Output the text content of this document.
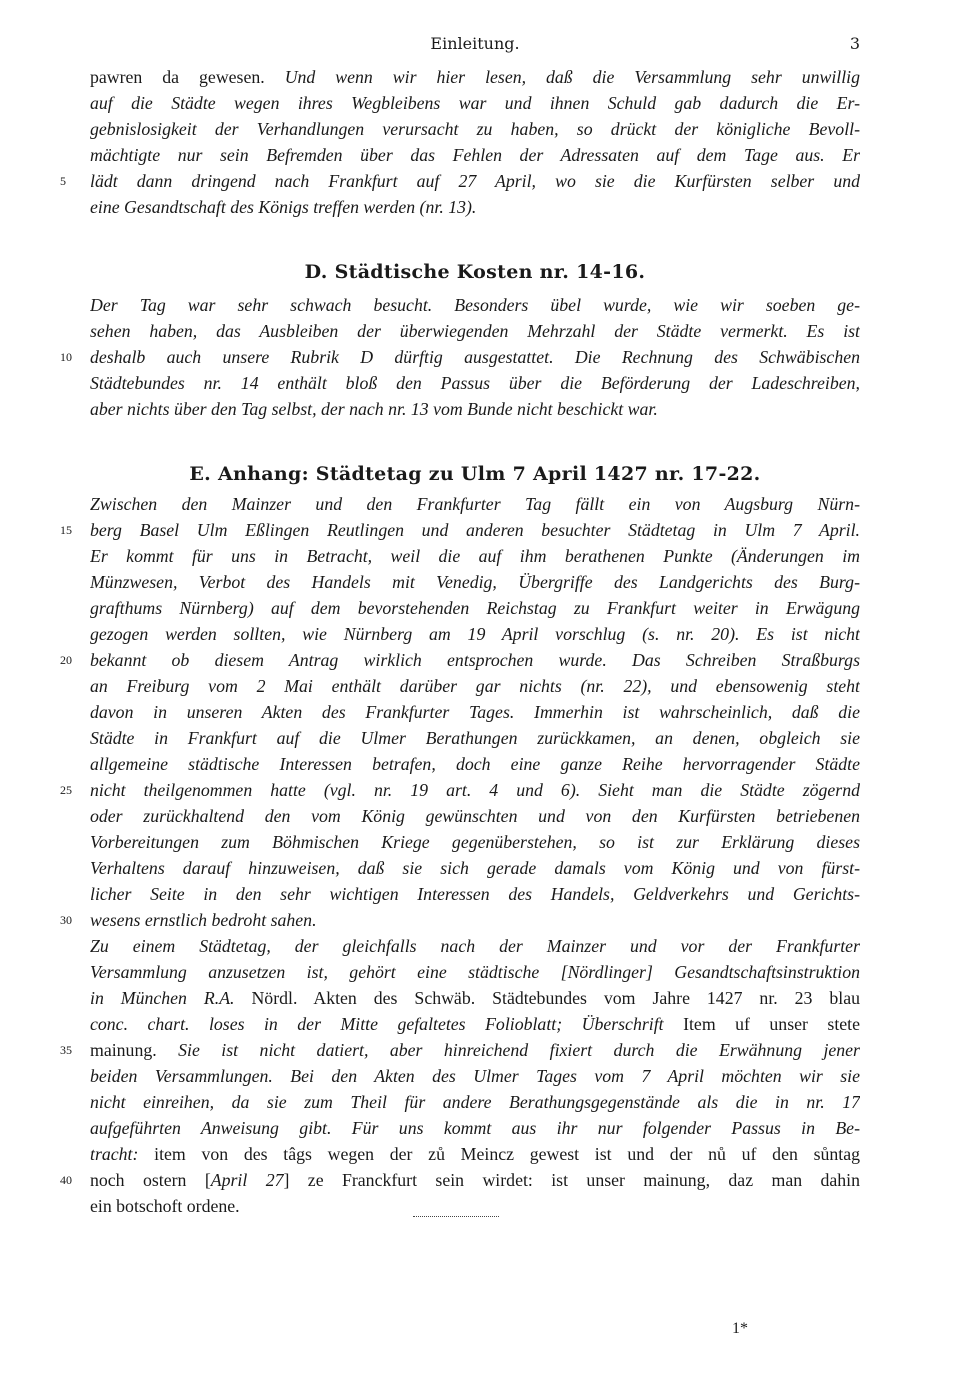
Einleitung.	3
pawren da gewesen. Und wenn wir hier lesen, daß die Versammlung sehr unwillig
auf die Städte wegen ihres Wegbleibens war und ihnen Schuld gab dadurch die Er-
gebnislosigkeit der Verhandlungen verursacht zu haben, so drückt der königliche Bevoll-
mächtigte nur sein Befremden über das Fehlen der Adressaten auf dem Tage aus. Er
lädt dann dringend nach Frankfurt auf 27 April, wo sie die Kurfürsten selber und
eine Gesandtschaft des Königs treffen werden (nr. 13).
5
D. Städtische Kosten nr. 14-16.
Der Tag war sehr schwach besucht. Besonders übel wurde, wie wir soeben ge-
sehen haben, das Ausbleiben der überwiegenden Mehrzahl der Städte vermerkt. Es ist
deshalb auch unsere Rubrik D dürftig ausgestattet. Die Rechnung des Schwäbischen
Städtebundes nr. 14 enthält bloß den Passus über die Beförderung der Ladeschreiben,
aber nichts über den Tag selbst, der nach nr. 13 vom Bunde nicht beschickt war.
10
E. Anhang: Städtetag zu Ulm 7 April 1427 nr. 17-22.
Zwischen den Mainzer und den Frankfurter Tag fällt ein von Augsburg Nürn-
berg Basel Ulm Eßlingen Reutlingen und anderen besuchter Städtetag in Ulm 7 April.
Er kommt für uns in Betracht, weil die auf ihm berathenen Punkte (Änderungen im
Münzwesen, Verbot des Handels mit Venedig, Übergriffe des Landgerichts des Burg-
grafthums Nürnberg) auf dem bevorstehenden Reichstag zu Frankfurt weiter in Erwägung
gezogen werden sollten, wie Nürnberg am 19 April vorschlug (s. nr. 20). Es ist nicht
bekannt ob diesem Antrag wirklich entsprochen wurde. Das Schreiben Straßburgs
an Freiburg vom 2 Mai enthält darüber gar nichts (nr. 22), und ebensowenig steht
davon in unseren Akten des Frankfurter Tages. Immerhin ist wahrscheinlich, daß die
Städte in Frankfurt auf die Ulmer Berathungen zurückkamen, an denen, obgleich sie
allgemeine städtische Interessen betrafen, doch eine ganze Reihe hervorragender Städte
nicht theilgenommen hatte (vgl. nr. 19 art. 4 und 6). Sieht man die Städte zögernd
oder zurückhaltend den vom König gewünschten und von den Kurfürsten betriebenen
Vorbereitungen zum Böhmischen Kriege gegenüberstehen, so ist zur Erklärung dieses
Verhaltens darauf hinzuweisen, daß sie sich gerade damals vom König und von fürst-
licher Seite in den sehr wichtigen Interessen des Handels, Geldverkehrs und Gerichts-
wesens ernstlich bedroht sahen.
15
20
25
30
Zu einem Städtetag, der gleichfalls nach der Mainzer und vor der Frankfurter
Versammlung anzusetzen ist, gehört eine städtische [Nördlinger] Gesandtschaftsinstruktion
in München R.A. Nördl. Akten des Schwäb. Städtebundes vom Jahre 1427 nr. 23 blau
conc. chart. loses in der Mitte gefaltetes Folioblatt; Überschrift Item uf unser stete
mainung. Sie ist nicht datiert, aber hinreichend fixiert durch die Erwähnung jener
beiden Versammlungen. Bei den Akten des Ulmer Tages vom 7 April möchten wir sie
nicht einreihen, da sie zum Theil für andere Berathungsgegenstände als die in nr. 17
aufgeführten Anweisung gibt. Für uns kommt aus ihr nur folgender Passus in Be-
tracht: item von des tâgs wegen der zů Meincz gewest ist und der nů uf den sůntag
noch ostern [April 27] ze Franckfurt sein wirdet: ist unser mainung, daz man dahin
ein botschoft ordene.
35
40
1*
